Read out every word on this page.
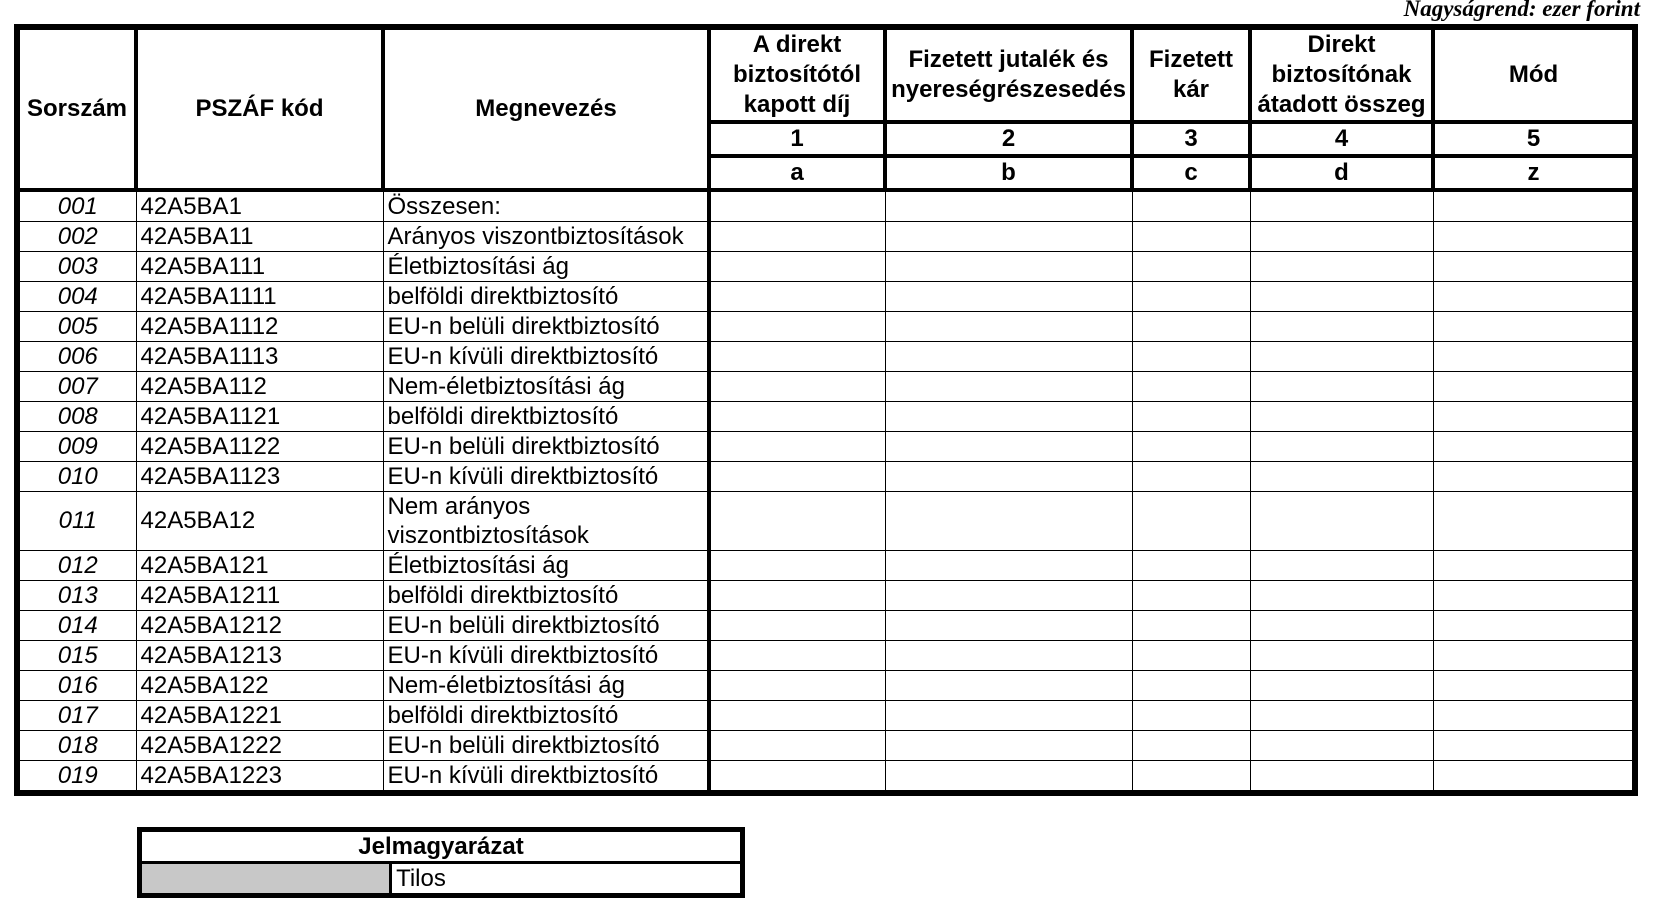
Nagyságrend: ezer forint
Sorszám	PSZÁF kód	Megnevezés	A direkt
biztosítótól
kapott díj	Fizetett jutalék és
nyereségrészesedés	Fizetett
kár	Direkt
biztosítónak
átadott összeg	Mód
			1	2	3	4	5
			a	b	c	d	z
001	42A5BA1	Összesen:					
002	42A5BA11	Arányos viszontbiztosítások					
003	42A5BA111	Életbiztosítási ág					
004	42A5BA1111	belföldi direktbiztosító					
005	42A5BA1112	EU-n belüli direktbiztosító					
006	42A5BA1113	EU-n kívüli direktbiztosító					
007	42A5BA112	Nem-életbiztosítási ág					
008	42A5BA1121	belföldi direktbiztosító					
009	42A5BA1122	EU-n belüli direktbiztosító					
010	42A5BA1123	EU-n kívüli direktbiztosító					
011	42A5BA12	Nem arányos viszontbiztosítások					
012	42A5BA121	Életbiztosítási ág					
013	42A5BA1211	belföldi direktbiztosító					
014	42A5BA1212	EU-n belüli direktbiztosító					
015	42A5BA1213	EU-n kívüli direktbiztosító					
016	42A5BA122	Nem-életbiztosítási ág					
017	42A5BA1221	belföldi direktbiztosító					
018	42A5BA1222	EU-n belüli direktbiztosító					
019	42A5BA1223	EU-n kívüli direktbiztosító					
Jelmagyarázat
	Tilos
